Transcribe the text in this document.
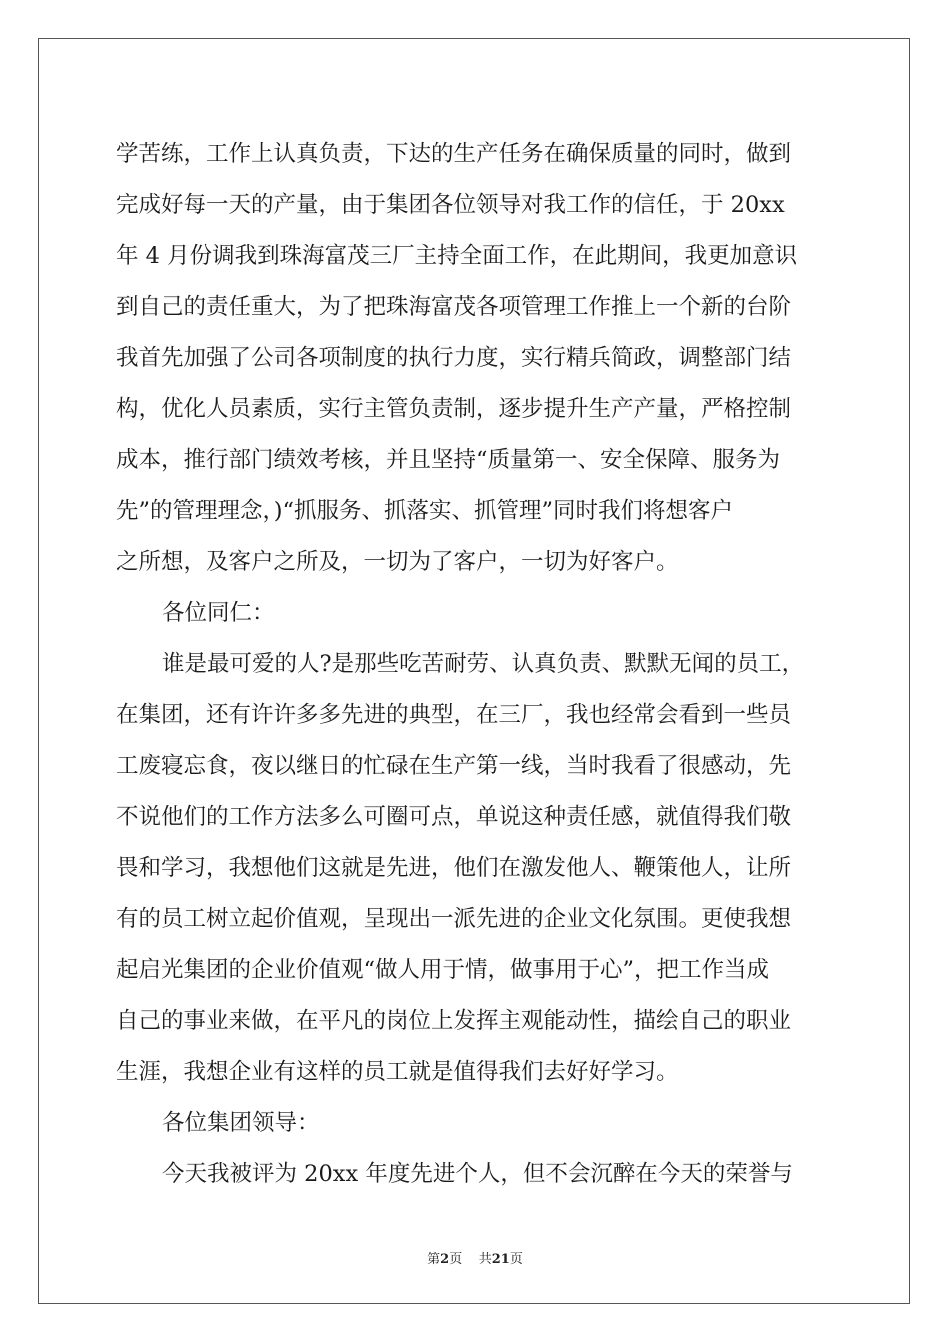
学苦练，工作上认真负责，下达的生产任务在确保质量的同时，做到
完成好每一天的产量，由于集团各位领导对我工作的信任，于 20xx
年 4 月份调我到珠海富茂三厂主持全面工作，在此期间，我更加意识
到自己的责任重大，为了把珠海富茂各项管理工作推上一个新的台阶
我首先加强了公司各项制度的执行力度，实行精兵简政，调整部门结
构，优化人员素质，实行主管负责制，逐步提升生产产量，严格控制
成本，推行部门绩效考核，并且坚持“质量第一、安全保障、服务为
先”的管理理念，)“抓服务、抓落实、抓管理”同时我们将想客户
之所想，及客户之所及，一切为了客户，一切为好客户。
各位同仁：
谁是最可爱的人?是那些吃苦耐劳、认真负责、默默无闻的员工，
在集团，还有许许多多先进的典型，在三厂，我也经常会看到一些员
工废寝忘食，夜以继日的忙碌在生产第一线，当时我看了很感动，先
不说他们的工作方法多么可圈可点，单说这种责任感，就值得我们敬
畏和学习，我想他们这就是先进，他们在激发他人、鞭策他人，让所
有的员工树立起价值观，呈现出一派先进的企业文化氛围。更使我想
起启光集团的企业价值观“做人用于情，做事用于心”，把工作当成
自己的事业来做，在平凡的岗位上发挥主观能动性，描绘自己的职业
生涯，我想企业有这样的员工就是值得我们去好好学习。
各位集团领导：
今天我被评为 20xx 年度先进个人，但不会沉醉在今天的荣誉与
第2页 共21页
